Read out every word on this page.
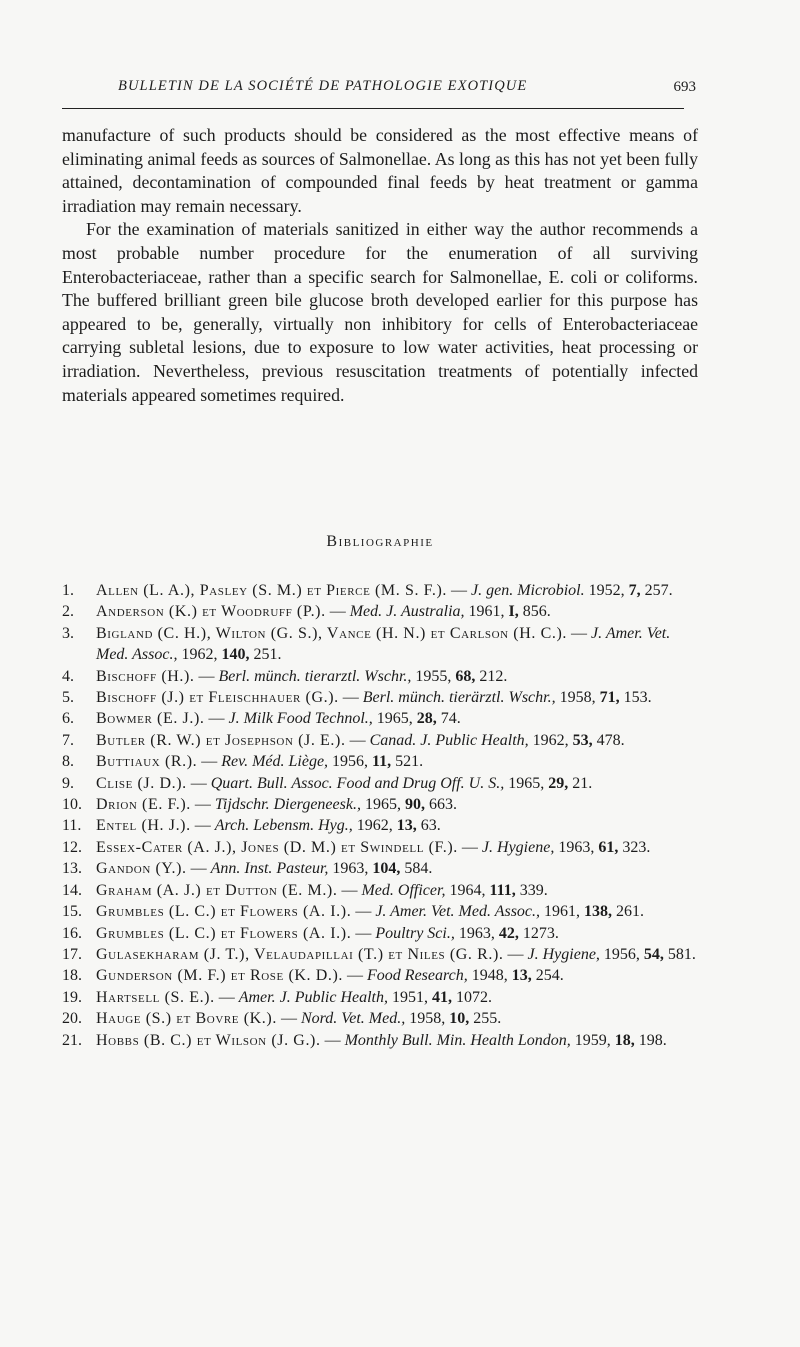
BULLETIN DE LA SOCIÉTÉ DE PATHOLOGIE EXOTIQUE	693

manufacture of such products should be considered as the most effective means of eliminating animal feeds as sources of Salmonellae. As long as this has not yet been fully attained, decontamination of compounded final feeds by heat treatment or gamma irradiation may remain necessary.

For the examination of materials sanitized in either way the author recommends a most probable number procedure for the enumeration of all surviving Enterobacteriaceae, rather than a specific search for Salmonellae, E. coli or coliforms. The buffered brilliant green bile glucose broth developed earlier for this purpose has appeared to be, generally, virtually non inhibitory for cells of Enterobacteriaceae carrying subletal lesions, due to exposure to low water activities, heat processing or irradiation. Nevertheless, previous resuscitation treatments of potentially infected materials appeared sometimes required.

Bibliographie
1. Allen (L. A.), Pasley (S. M.) et Pierce (M. S. F.). — J. gen. Microbiol. 1952, 7, 257.
2. Anderson (K.) et Woodruff (P.). — Med. J. Australia, 1961, I, 856.
3. Bigland (C. H.), Wilton (G. S.), Vance (H. N.) et Carlson (H. C.). — J. Amer. Vet. Med. Assoc., 1962, 140, 251.
4. Bischoff (H.). — Berl. münch. tierarztl. Wschr., 1955, 68, 212.
5. Bischoff (J.) et Fleischhauer (G.). — Berl. münch. tierärztl. Wschr., 1958, 71, 153.
6. Bowmer (E. J.). — J. Milk Food Technol., 1965, 28, 74.
7. Butler (R. W.) et Josephson (J. E.). — Canad. J. Public Health, 1962, 53, 478.
8. Buttiaux (R.). — Rev. Méd. Liège, 1956, 11, 521.
9. Clise (J. D.). — Quart. Bull. Assoc. Food and Drug Off. U. S., 1965, 29, 21.
10. Drion (E. F.). — Tijdschr. Diergeneesk., 1965, 90, 663.
11. Entel (H. J.). — Arch. Lebensm. Hyg., 1962, 13, 63.
12. Essex-Cater (A. J.), Jones (D. M.) et Swindell (F.). — J. Hygiene, 1963, 61, 323.
13. Gandon (Y.). — Ann. Inst. Pasteur, 1963, 104, 584.
14. Graham (A. J.) et Dutton (E. M.). — Med. Officer, 1964, 111, 339.
15. Grumbles (L. C.) et Flowers (A. I.). — J. Amer. Vet. Med. Assoc., 1961, 138, 261.
16. Grumbles (L. C.) et Flowers (A. I.). — Poultry Sci., 1963, 42, 1273.
17. Gulasekharam (J. T.), Velaudapillai (T.) et Niles (G. R.). — J. Hygiene, 1956, 54, 581.
18. Gunderson (M. F.) et Rose (K. D.). — Food Research, 1948, 13, 254.
19. Hartsell (S. E.). — Amer. J. Public Health, 1951, 41, 1072.
20. Hauge (S.) et Bovre (K.). — Nord. Vet. Med., 1958, 10, 255.
21. Hobbs (B. C.) et Wilson (J. G.). — Monthly Bull. Min. Health London, 1959, 18, 198.
